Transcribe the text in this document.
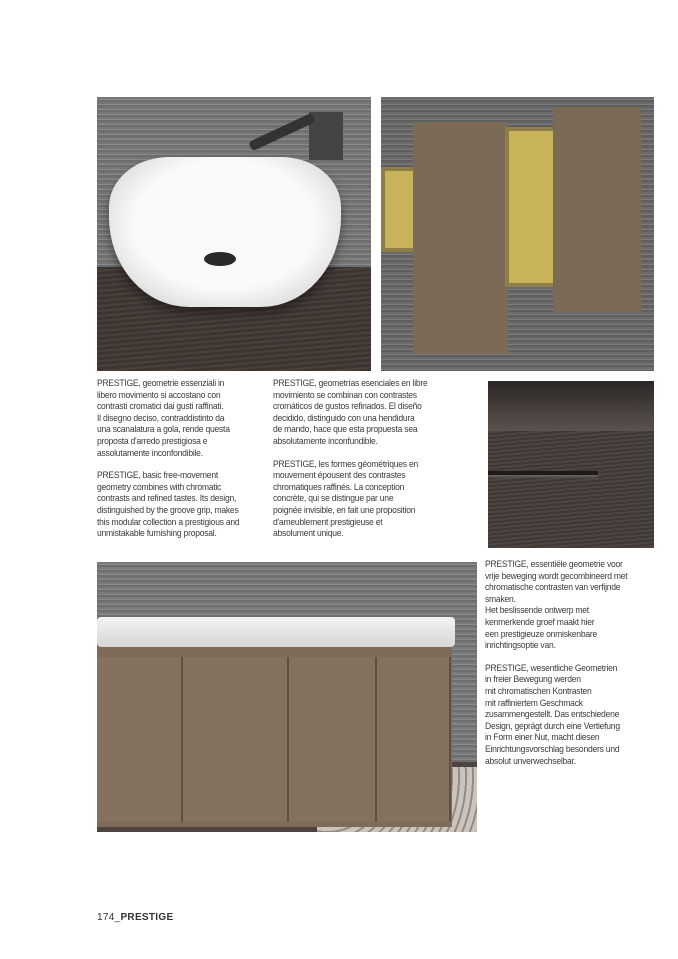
PRESTIGE, geometrie essenziali in
libero movimento si accostano con
contrasti cromatici dai gusti raffinati.
Il disegno deciso, contraddistinto da
una scanalatura a gola, rende questa
proposta d'arredo prestigiosa e
assolutamente inconfondibile.

PRESTIGE, basic free-movement
geometry combines with chromatic
contrasts and refined tastes. Its design,
distinguished by the groove grip, makes
this modular collection a prestigious and
unmistakable furnishing proposal.

PRESTIGE, geometrías esenciales en libre
movimiento se combinan con contrastes
cromáticos de gustos refinados. El diseño
decidido, distinguido con una hendidura
de mando, hace que esta propuesta sea
absolutamente inconfundible.

PRESTIGE, les formes géométriques en
mouvement épousent des contrastes
chromatiques raffinés. La conception
concrète, qui se distingue par une
poignée invisible, en fait une proposition
d'ameublement prestigieuse et
absolument unique.

PRESTIGE, essentiële geometrie voor
vrije beweging wordt gecombineerd met
chromatische contrasten van verfijnde
smaken.
Het beslissende ontwerp met
kenmerkende groef maakt hier
een prestigieuze onmiskenbare
inrichtingsoptie van.

PRESTIGE, wesentliche Geometrien
in freier Bewegung werden
mit chromatischen Kontrasten
mit raffiniertem Geschmack
zusammengestellt. Das entschiedene
Design, geprägt durch eine Vertiefung
in Form einer Nut, macht diesen
Einrichtungsvorschlag besonders und
absolut unverwechselbar.

174_PRESTIGE
